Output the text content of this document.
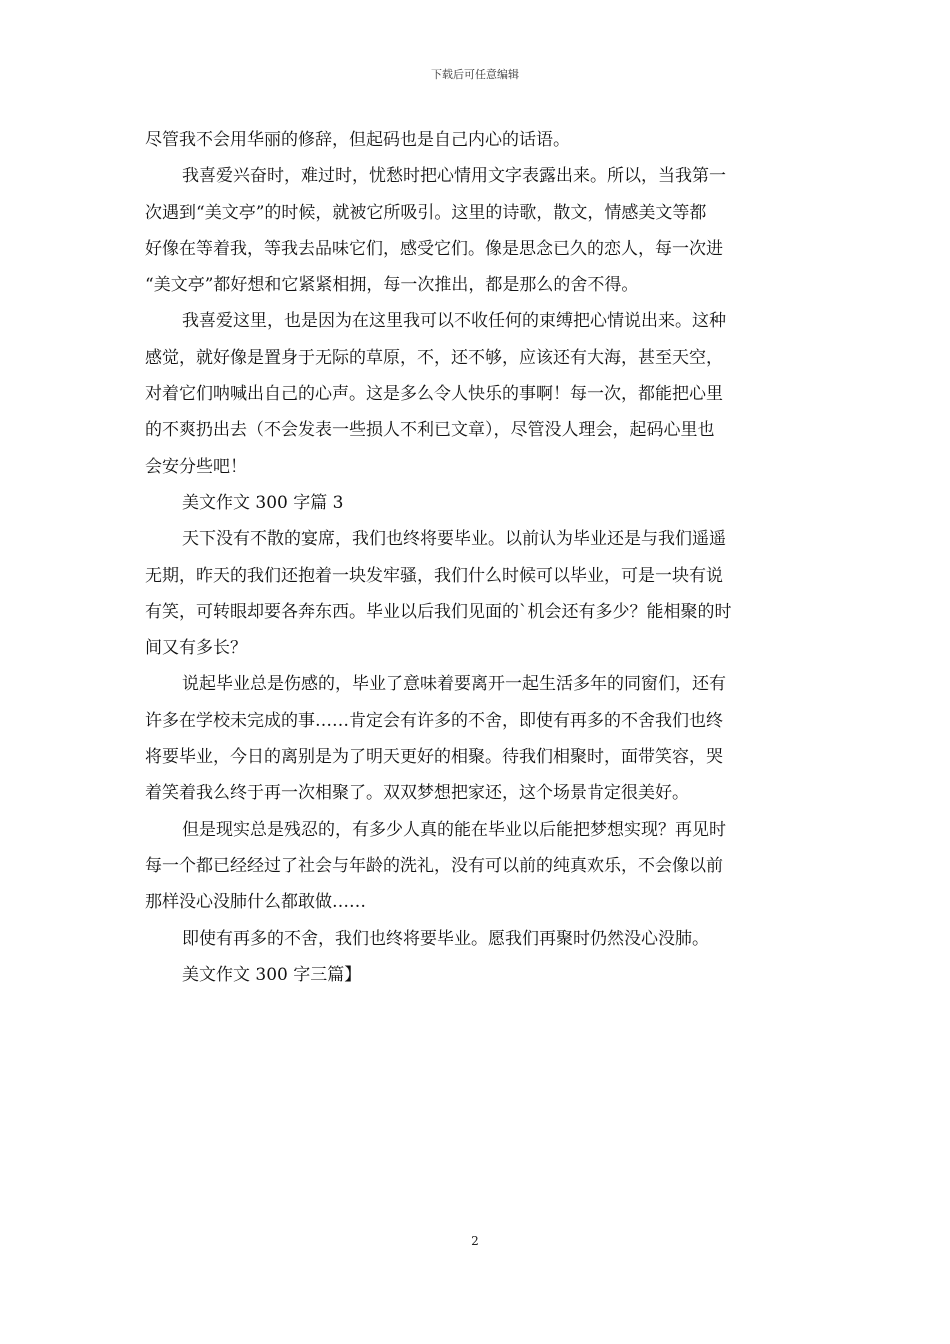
下载后可任意编辑
尽管我不会用华丽的修辞，但起码也是自己内心的话语。
我喜爱兴奋时，难过时，忧愁时把心情用文字表露出来。所以，当我第一
次遇到“美文亭”的时候，就被它所吸引。这里的诗歌，散文，情感美文等都
好像在等着我，等我去品味它们，感受它们。像是思念已久的恋人，每一次进
“美文亭”都好想和它紧紧相拥，每一次推出，都是那么的舍不得。
我喜爱这里，也是因为在这里我可以不收任何的束缚把心情说出来。这种
感觉，就好像是置身于无际的草原，不，还不够，应该还有大海，甚至天空，
对着它们呐喊出自己的心声。这是多么令人快乐的事啊！每一次，都能把心里
的不爽扔出去（不会发表一些损人不利已文章），尽管没人理会，起码心里也
会安分些吧！
美文作文 300 字篇 3
天下没有不散的宴席，我们也终将要毕业。以前认为毕业还是与我们遥遥
无期，昨天的我们还抱着一块发牢骚，我们什么时候可以毕业，可是一块有说
有笑，可转眼却要各奔东西。毕业以后我们见面的`机会还有多少？能相聚的时
间又有多长？
说起毕业总是伤感的，毕业了意味着要离开一起生活多年的同窗们，还有
许多在学校未完成的事……肯定会有许多的不舍，即使有再多的不舍我们也终
将要毕业，今日的离别是为了明天更好的相聚。待我们相聚时，面带笑容，哭
着笑着我么终于再一次相聚了。双双梦想把家还，这个场景肯定很美好。
但是现实总是残忍的，有多少人真的能在毕业以后能把梦想实现？再见时
每一个都已经经过了社会与年龄的洗礼，没有可以前的纯真欢乐，不会像以前
那样没心没肺什么都敢做……
即使有再多的不舍，我们也终将要毕业。愿我们再聚时仍然没心没肺。
美文作文 300 字三篇】
2
